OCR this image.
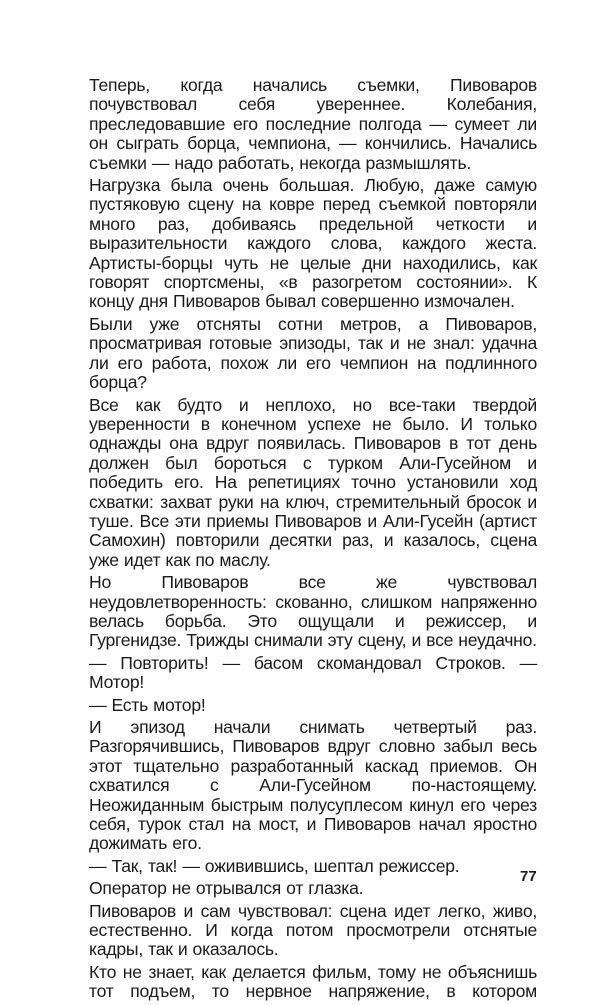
Теперь, когда начались съемки, Пивоваров почувствовал себя увереннее. Колебания, преследовавшие его последние полгода — сумеет ли он сыграть борца, чемпиона, — кончились. Начались съемки — надо работать, некогда размышлять.

Нагрузка была очень большая. Любую, даже самую пустяковую сцену на ковре перед съемкой повторяли много раз, добиваясь предельной четкости и выразительности каждого слова, каждого жеста. Артисты-борцы чуть не целые дни находились, как говорят спортсмены, «в разогретом состоянии». К концу дня Пивоваров бывал совершенно измочален.

Были уже отсняты сотни метров, а Пивоваров, просматривая готовые эпизоды, так и не знал: удачна ли его работа, похож ли его чемпион на подлинного борца?

Все как будто и неплохо, но все-таки твердой уверенности в конечном успехе не было. И только однажды она вдруг появилась. Пивоваров в тот день должен был бороться с турком Али-Гусейном и победить его. На репетициях точно установили ход схватки: захват руки на ключ, стремительный бросок и туше. Все эти приемы Пивоваров и Али-Гусейн (артист Самохин) повторили десятки раз, и казалось, сцена уже идет как по маслу.

Но Пивоваров все же чувствовал неудовлетворенность: скованно, слишком напряженно велась борьба. Это ощущали и режиссер, и Гургенидзе. Трижды снимали эту сцену, и все неудачно.

— Повторить! — басом скомандовал Строков. — Мотор!

— Есть мотор!

И эпизод начали снимать четвертый раз. Разгорячившись, Пивоваров вдруг словно забыл весь этот тщательно разработанный каскад приемов. Он схватился с Али-Гусейном по-настоящему. Неожиданным быстрым полусуплесом кинул его через себя, турок стал на мост, и Пивоваров начал яростно дожимать его.

— Так, так! — оживившись, шептал режиссер.

Оператор не отрывался от глазка.

Пивоваров и сам чувствовал: сцена идет легко, живо, естественно. И когда потом просмотрели отснятые кадры, так и оказалось.

Кто не знает, как делается фильм, тому не объяснишь тот подъем, то нервное напряжение, в котором

77
